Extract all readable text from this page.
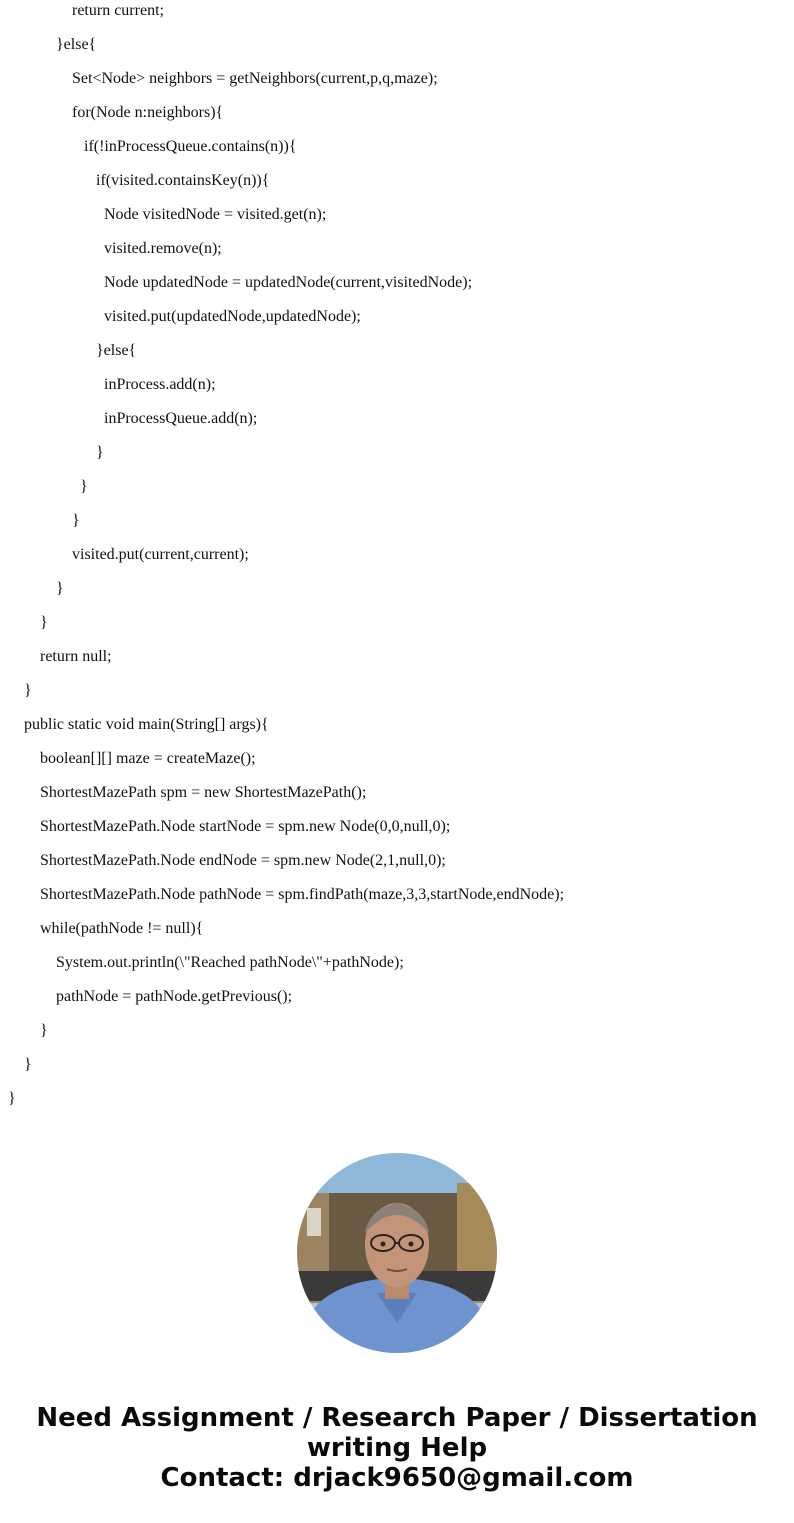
return current;
}else{
Set<Node> neighbors = getNeighbors(current,p,q,maze);
for(Node n:neighbors){
if(!inProcessQueue.contains(n)){
if(visited.containsKey(n)){
Node visitedNode = visited.get(n);
visited.remove(n);
Node updatedNode = updatedNode(current,visitedNode);
visited.put(updatedNode,updatedNode);
}else{
inProcess.add(n);
inProcessQueue.add(n);
}
}
}
visited.put(current,current);
}
}
return null;
}
public static void main(String[] args){
boolean[][] maze = createMaze();
ShortestMazePath spm = new ShortestMazePath();
ShortestMazePath.Node startNode = spm.new Node(0,0,null,0);
ShortestMazePath.Node endNode = spm.new Node(2,1,null,0);
ShortestMazePath.Node pathNode = spm.findPath(maze,3,3,startNode,endNode);
while(pathNode != null){
System.out.println(\"Reached pathNode\"+pathNode);
pathNode = pathNode.getPrevious();
}
}
}
Need Assignment / Research Paper / Dissertation
writing Help
Contact: drjack9650@gmail.com
